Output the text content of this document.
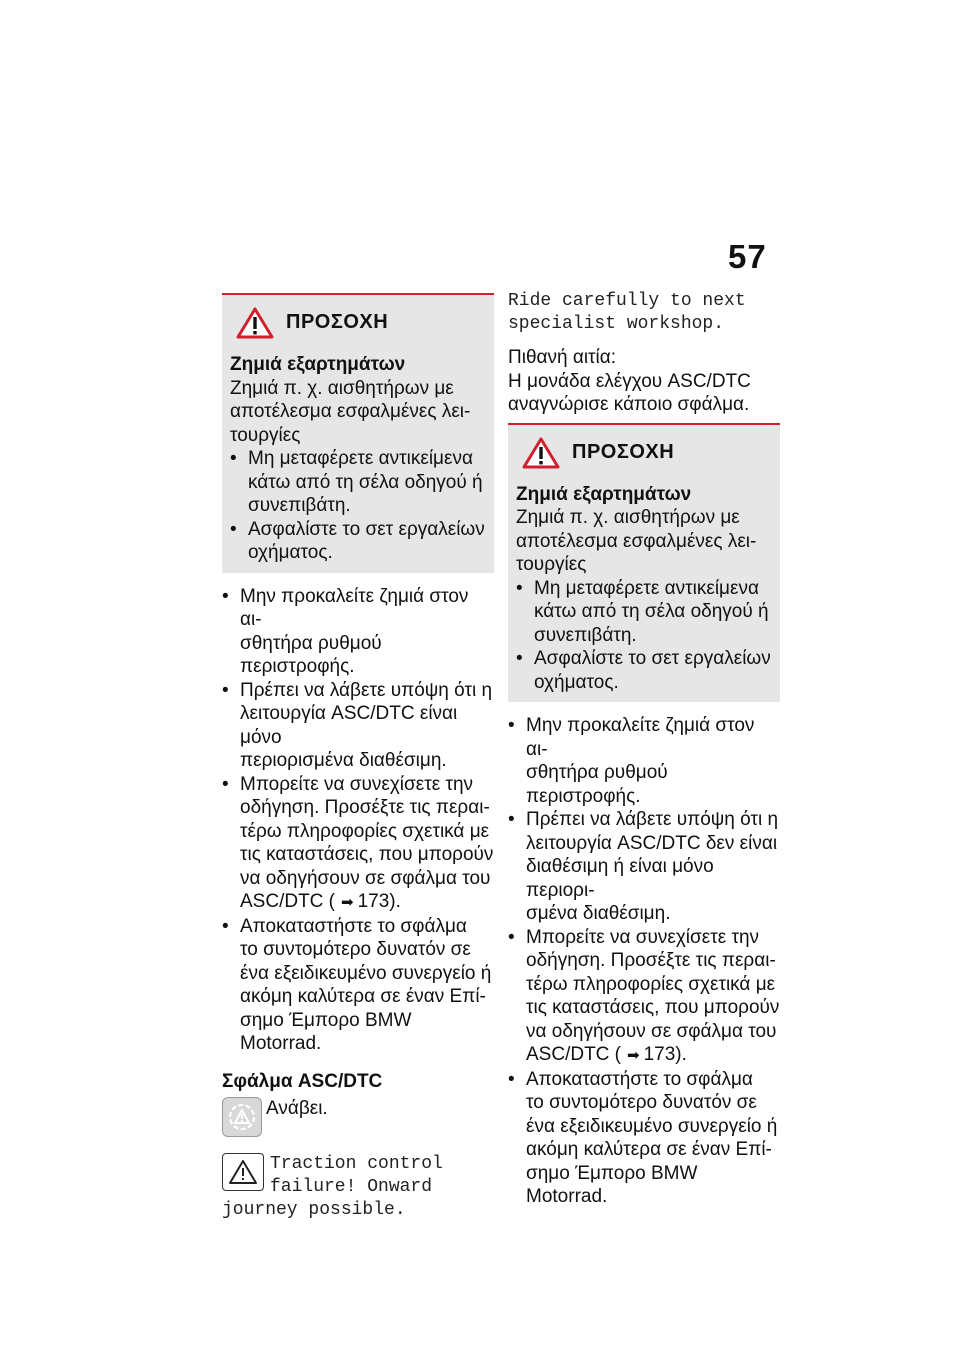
57
ΠΡΟΣΟΧΗ
Ζημιά εξαρτημάτων
Ζημιά π. χ. αισθητήρων με
αποτέλεσμα εσφαλμένες λει-
τουργίες
• Μη μεταφέρετε αντικείμενα
κάτω από τη σέλα οδηγού ή
συνεπιβάτη.
• Ασφαλίστε το σετ εργαλείων
οχήματος.
• Μην προκαλείτε ζημιά στον αι-
σθητήρα ρυθμού περιστροφής.
• Πρέπει να λάβετε υπόψη ότι η
λειτουργία ASC/DTC είναι μόνο
περιορισμένα διαθέσιμη.
• Μπορείτε να συνεχίσετε την
οδήγηση. Προσέξτε τις περαι-
τέρω πληροφορίες σχετικά με
τις καταστάσεις, που μπορούν
να οδηγήσουν σε σφάλμα του
ASC/DTC ( ➡ 173).
• Αποκαταστήστε το σφάλμα
το συντομότερο δυνατόν σε
ένα εξειδικευμένο συνεργείο ή
ακόμη καλύτερα σε έναν Επί-
σημο Έμπορο BMW Motorrad.
Σφάλμα ASC/DTC
Ανάβει.
Traction control
failure! Onward
journey possible.
Ride carefully to next
specialist workshop.
Πιθανή αιτία:
Η μονάδα ελέγχου ASC/DTC
αναγνώρισε κάποιο σφάλμα.
ΠΡΟΣΟΧΗ
Ζημιά εξαρτημάτων
Ζημιά π. χ. αισθητήρων με
αποτέλεσμα εσφαλμένες λει-
τουργίες
• Μη μεταφέρετε αντικείμενα
κάτω από τη σέλα οδηγού ή
συνεπιβάτη.
• Ασφαλίστε το σετ εργαλείων
οχήματος.
• Μην προκαλείτε ζημιά στον αι-
σθητήρα ρυθμού περιστροφής.
• Πρέπει να λάβετε υπόψη ότι η
λειτουργία ASC/DTC δεν είναι
διαθέσιμη ή είναι μόνο περιορι-
σμένα διαθέσιμη.
• Μπορείτε να συνεχίσετε την
οδήγηση. Προσέξτε τις περαι-
τέρω πληροφορίες σχετικά με
τις καταστάσεις, που μπορούν
να οδηγήσουν σε σφάλμα του
ASC/DTC ( ➡ 173).
• Αποκαταστήστε το σφάλμα
το συντομότερο δυνατόν σε
ένα εξειδικευμένο συνεργείο ή
ακόμη καλύτερα σε έναν Επί-
σημο Έμπορο BMW Motorrad.
